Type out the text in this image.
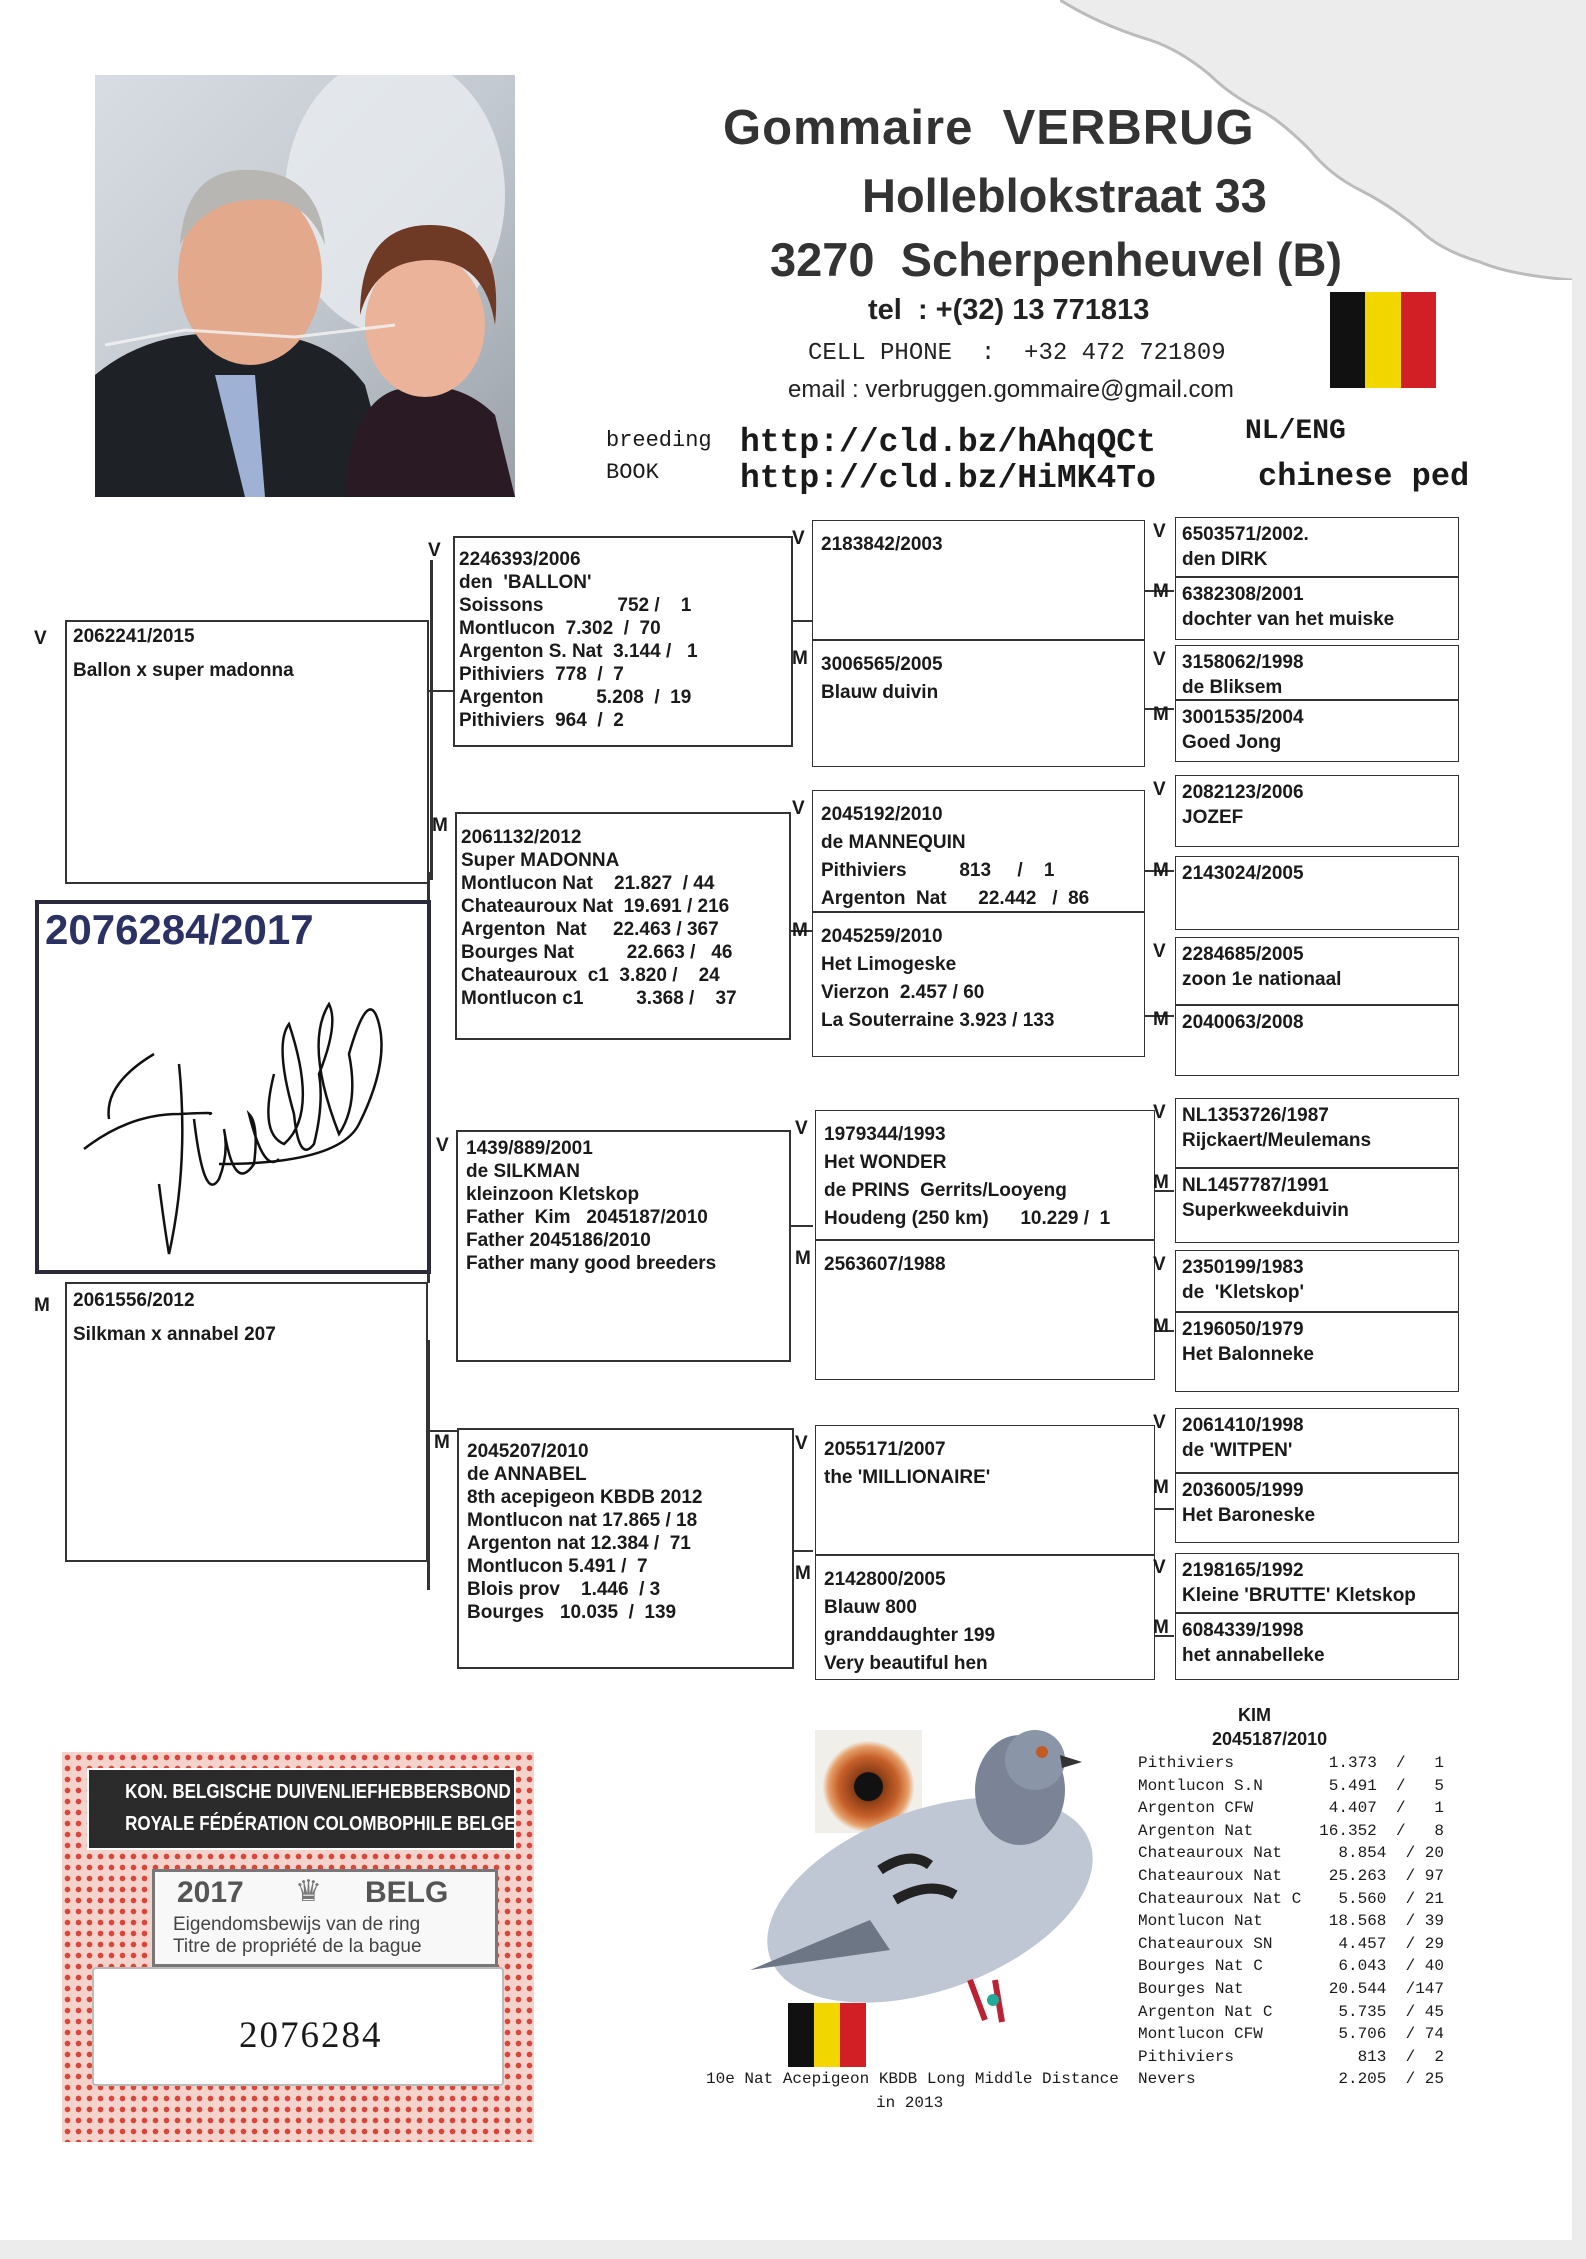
Gommaire  VERBRUG
Holleblokstraat 33
3270  Scherpenheuvel (B)
tel  : +(32) 13 771813
CELL PHONE  :  +32 472 721809
email : verbruggen.gommaire@gmail.com
breeding
BOOK
http://cld.bz/hAhqQCt
http://cld.bz/HiMK4To
NL/ENG
chinese ped
2076284/2017
V	2062241/2015
Ballon x super madonna
M	2061556/2012
Silkman x annabel 207
V 2246393/2006
den  'BALLON'
Soissons              752 /    1
Montlucon  7.302  /  70
Argenton S. Nat  3.144 /   1
Pithiviers  778  /  7
Argenton          5.208  /  19
Pithiviers  964  /  2
M
2061132/2012
Super MADONNA
Montlucon Nat    21.827  / 44
Chateauroux Nat  19.691 / 216
Argenton  Nat     22.463 / 367
Bourges Nat          22.663 /   46
Chateauroux  c1  3.820 /    24
Montlucon c1          3.368 /    37
V 1439/889/2001
de SILKMAN
kleinzoon Kletskop
Father  Kim   2045187/2010
Father 2045186/2010
Father many good breeders
M 2045207/2010
de ANNABEL
8th acepigeon KBDB 2012
Montlucon nat 17.865 / 18
Argenton nat 12.384 /  71
Montlucon 5.491 /  7
Blois prov    1.446  / 3
Bourges   10.035  /  139
V 2183842/2003
M 3006565/2005
Blauw duivin
V 2045192/2010
de MANNEQUIN
Pithiviers          813     /    1
Argenton  Nat      22.442   /  86
M 2045259/2010
Het Limogeske
Vierzon  2.457 / 60
La Souterraine 3.923 / 133
V 1979344/1993
Het WONDER
de PRINS  Gerrits/Looyeng
Houdeng (250 km)      10.229 /  1
M 2563607/1988
V 2055171/2007
the 'MILLIONAIRE'
M 2142800/2005
Blauw 800
granddaughter 199
Very beautiful hen
V 6503571/2002.
den DIRK
M 6382308/2001
dochter van het muiske
V 3158062/1998
de Bliksem
M 3001535/2004
Goed Jong
V 2082123/2006
JOZEF
M 2143024/2005
V 2284685/2005
zoon 1e nationaal
M 2040063/2008
V NL1353726/1987
Rijckaert/Meulemans
M NL1457787/1991
Superkweekduivin
V 2350199/1983
de  'Kletskop'
M 2196050/1979
Het Balonneke
V 2061410/1998
de 'WITPEN'
M 2036005/1999
Het Baroneske
V 2198165/1992
Kleine 'BRUTTE' Kletskop
M 6084339/1998
het annabelleke
KON. BELGISCHE DUIVENLIEFHEBBERSBOND
ROYALE FÉDÉRATION COLOMBOPHILE BELGE
2017 ♛ BELG
Eigendomsbewijs van de ring
Titre de propriété de la bague
2076284
10e Nat Acepigeon KBDB Long Middle Distance
in 2013
KIM
2045187/2010
Pithiviers	1.373  /   1
Montlucon S.N	5.491  /   5
Argenton CFW	4.407  /   1
Argenton Nat	16.352  /   8
Chateauroux Nat	8.854  / 20
Chateauroux Nat	25.263  / 97
Chateauroux Nat C 5.560  / 21
Montlucon Nat	18.568  / 39
Chateauroux SN	4.457  / 29
Bourges Nat C	6.043  / 40
Bourges Nat	20.544  /147
Argenton Nat C	5.735  / 45
Montlucon CFW	5.706  / 74
Pithiviers	813  /  2
Nevers	2.205  / 25
